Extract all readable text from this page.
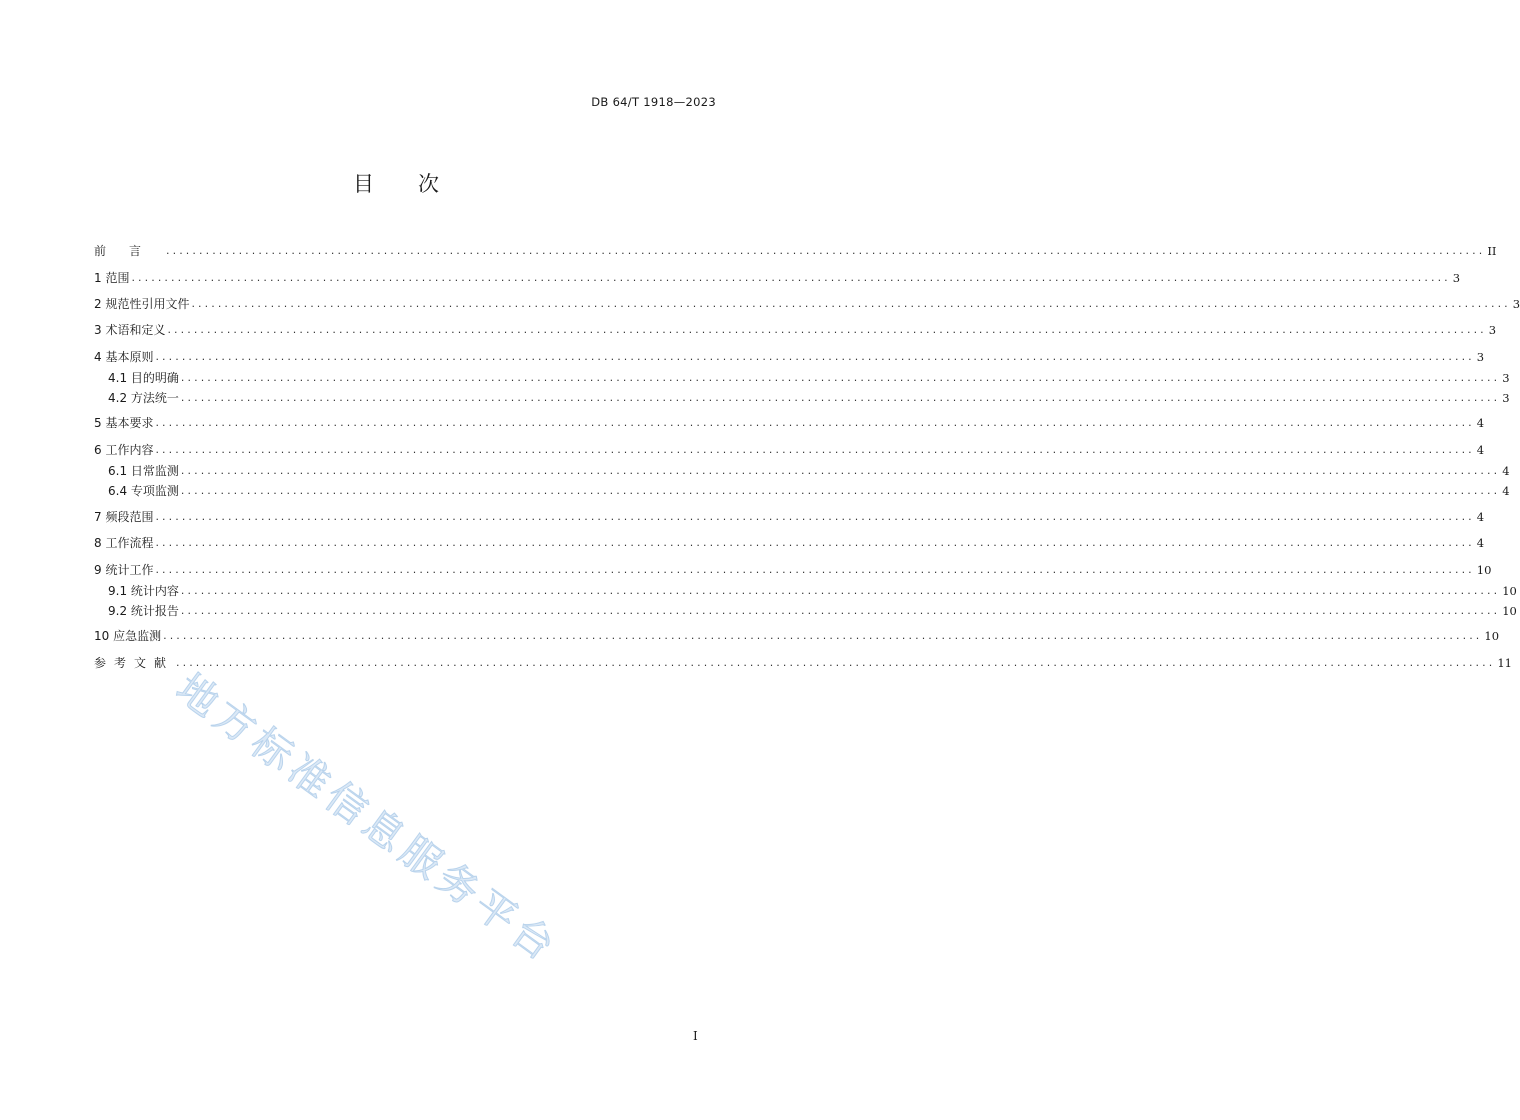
DB 64/T 1918—2023
目次
前言 ........................................................................................................................................................................................................ II
1 范围 ........................................................................................................................................................................................................ 3
2 规范性引用文件 ........................................................................................................................................................................................................ 3
3 术语和定义 ........................................................................................................................................................................................................ 3
4 基本原则 ........................................................................................................................................................................................................ 3
4.1 目的明确 ........................................................................................................................................................................................................ 3
4.2 方法统一 ........................................................................................................................................................................................................ 3
5 基本要求 ........................................................................................................................................................................................................ 4
6 工作内容 ........................................................................................................................................................................................................ 4
6.1 日常监测 ........................................................................................................................................................................................................ 4
6.4 专项监测 ........................................................................................................................................................................................................ 4
7 频段范围 ........................................................................................................................................................................................................ 4
8 工作流程 ........................................................................................................................................................................................................ 4
9 统计工作 ........................................................................................................................................................................................................ 10
9.1 统计内容 ........................................................................................................................................................................................................ 10
9.2 统计报告 ........................................................................................................................................................................................................ 10
10 应急监测 ........................................................................................................................................................................................................ 10
参考文献 ........................................................................................................................................................................................................ 11
地方标准信息服务平台
I
